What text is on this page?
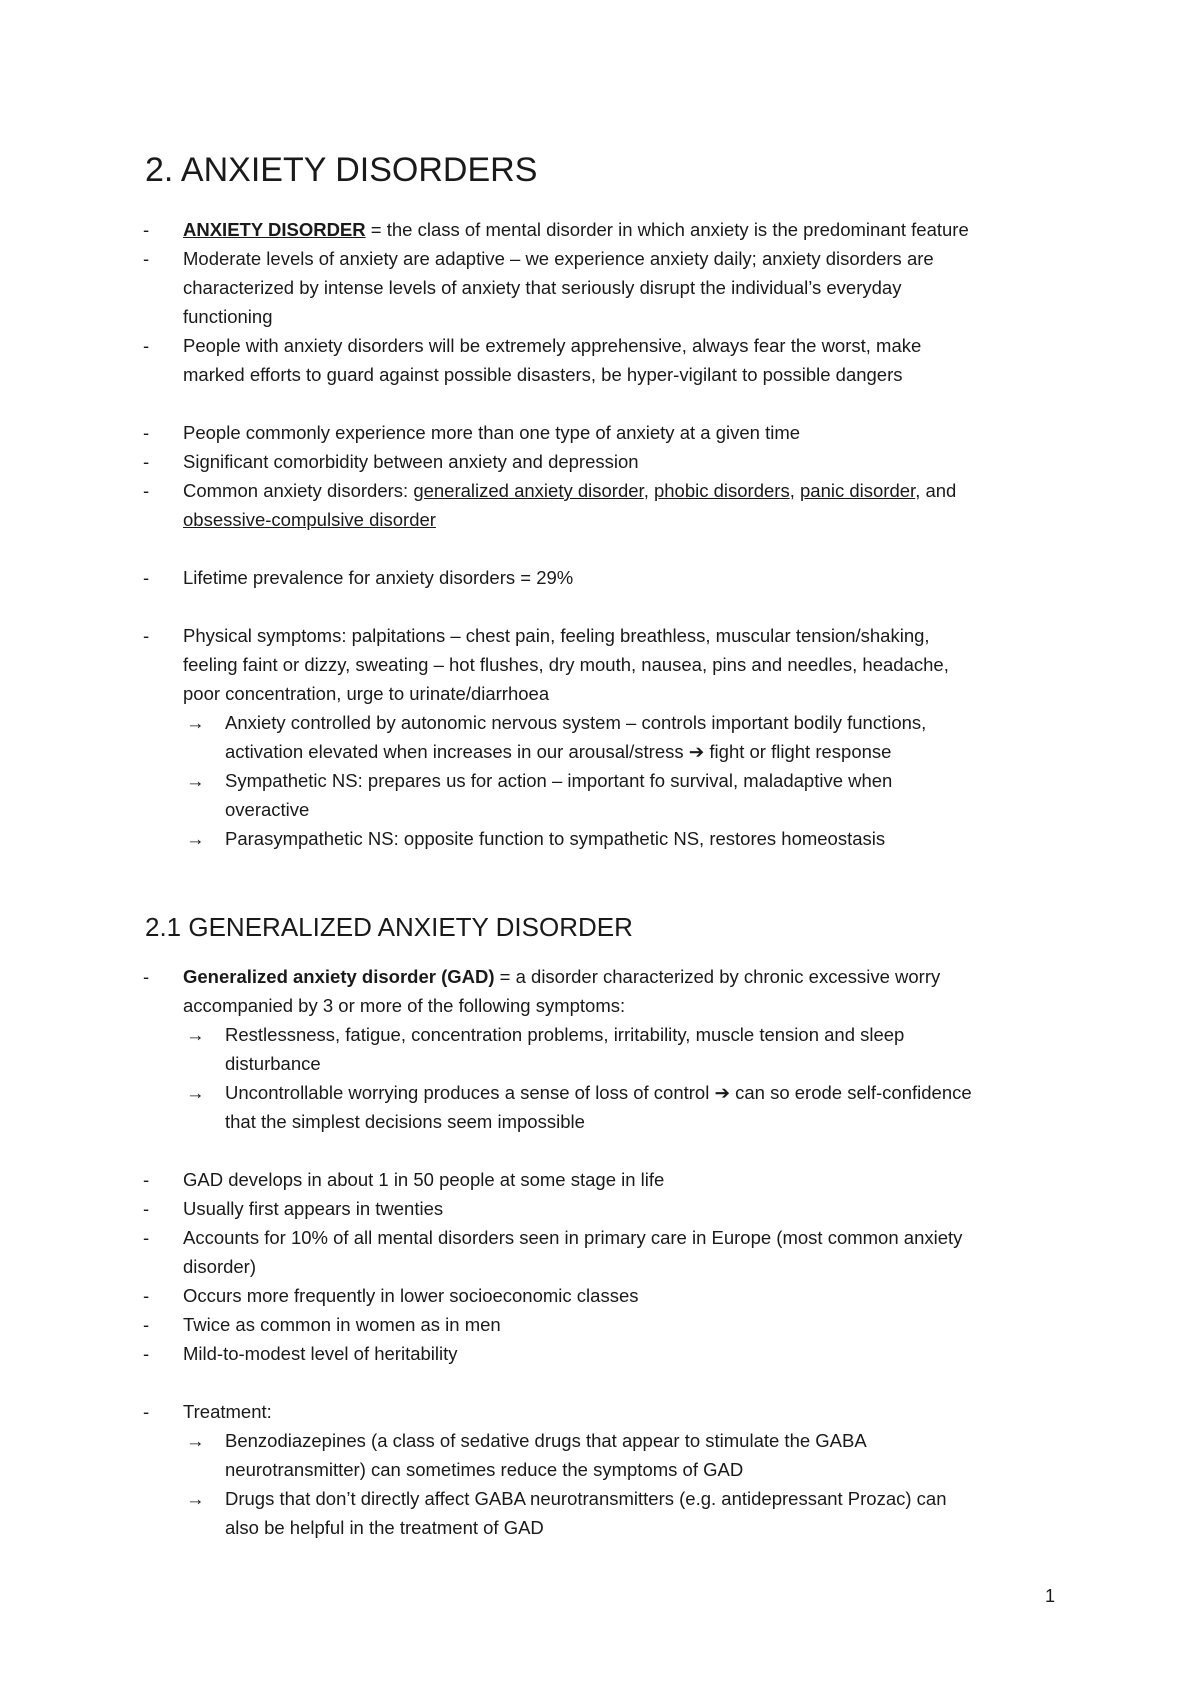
2. ANXIETY DISORDERS
- ANXIETY DISORDER = the class of mental disorder in which anxiety is the predominant feature
- Moderate levels of anxiety are adaptive – we experience anxiety daily; anxiety disorders are
characterized by intense levels of anxiety that seriously disrupt the individual’s everyday
functioning
- People with anxiety disorders will be extremely apprehensive, always fear the worst, make
marked efforts to guard against possible disasters, be hyper-vigilant to possible dangers
- People commonly experience more than one type of anxiety at a given time
- Significant comorbidity between anxiety and depression
- Common anxiety disorders: generalized anxiety disorder, phobic disorders, panic disorder, and
obsessive-compulsive disorder
- Lifetime prevalence for anxiety disorders = 29%
- Physical symptoms: palpitations – chest pain, feeling breathless, muscular tension/shaking,
feeling faint or dizzy, sweating – hot flushes, dry mouth, nausea, pins and needles, headache,
poor concentration, urge to urinate/diarrhoea
→ Anxiety controlled by autonomic nervous system – controls important bodily functions,
activation elevated when increases in our arousal/stress ➔ fight or flight response
→ Sympathetic NS: prepares us for action – important fo survival, maladaptive when
overactive
→ Parasympathetic NS: opposite function to sympathetic NS, restores homeostasis
2.1 GENERALIZED ANXIETY DISORDER
- Generalized anxiety disorder (GAD) = a disorder characterized by chronic excessive worry
accompanied by 3 or more of the following symptoms:
→ Restlessness, fatigue, concentration problems, irritability, muscle tension and sleep
disturbance
→ Uncontrollable worrying produces a sense of loss of control ➔ can so erode self-confidence
that the simplest decisions seem impossible
- GAD develops in about 1 in 50 people at some stage in life
- Usually first appears in twenties
- Accounts for 10% of all mental disorders seen in primary care in Europe (most common anxiety
disorder)
- Occurs more frequently in lower socioeconomic classes
- Twice as common in women as in men
- Mild-to-modest level of heritability
- Treatment:
→ Benzodiazepines (a class of sedative drugs that appear to stimulate the GABA
neurotransmitter) can sometimes reduce the symptoms of GAD
→ Drugs that don’t directly affect GABA neurotransmitters (e.g. antidepressant Prozac) can
also be helpful in the treatment of GAD
1
